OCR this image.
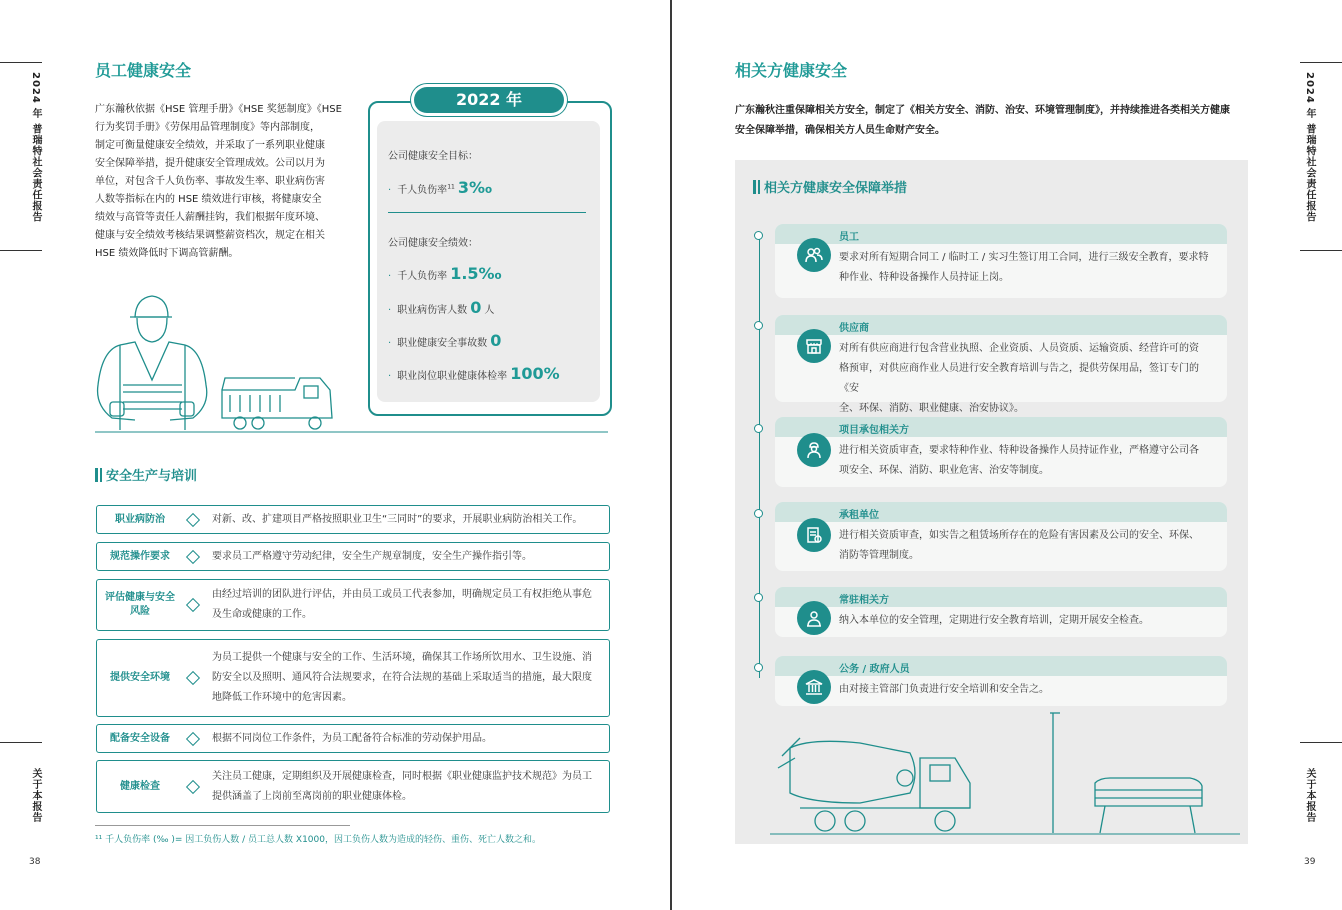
2024 年 普瑞特社会责任报告
关于本报告
38
2024 年 普瑞特社会责任报告
关于本报告
39
员工健康安全
广东瀚秋依据《HSE 管理手册》《HSE 奖惩制度》《HSE
行为奖罚手册》《劳保用品管理制度》等内部制度，
制定可衡量健康安全绩效，并采取了一系列职业健康
安全保障举措，提升健康安全管理成效。公司以月为
单位，对包含千人负伤率、事故发生率、职业病伤害
人数等指标在内的 HSE 绩效进行审核，将健康安全
绩效与高管等责任人薪酬挂钩，我们根据年度环境、
健康与安全绩效考核结果调整薪资档次，规定在相关
HSE 绩效降低时下调高管薪酬。
2022 年
公司健康安全目标：
· 千人负伤率$^{11}$ 3‰
公司健康安全绩效：
· 千人负伤率 1.5‰
· 职业病伤害人数 0 人
· 职业健康安全事故数 0
· 职业岗位职业健康体检率 100%
安全生产与培训
职业病防治	对新、改、扩建项目严格按照职业卫生“三同时”的要求，开展职业病防治相关工作。
规范操作要求	要求员工严格遵守劳动纪律，安全生产规章制度，安全生产操作指引等。
评估健康与安全风险
由经过培训的团队进行评估，并由员工或员工代表参加，明确规定员工有权拒绝从事危及生命或健康的工作。
提供安全环境
为员工提供一个健康与安全的工作、生活环境，确保其工作场所饮用水、卫生设施、消防安全以及照明、通风符合法规要求，在符合法规的基础上采取适当的措施，最大限度地降低工作环境中的危害因素。
配备安全设备	根据不同岗位工作条件，为员工配备符合标准的劳动保护用品。
健康检查
关注员工健康，定期组织及开展健康检查，同时根据《职业健康监护技术规范》为员工提供涵盖了上岗前至离岗前的职业健康体检。
¹¹ 千人负伤率 (‰ )= 因工负伤人数 / 员工总人数 X1000，因工负伤人数为造成的轻伤、重伤、死亡人数之和。
相关方健康安全
广东瀚秋注重保障相关方安全，制定了《相关方安全、消防、治安、环境管理制度》，并持续推进各类相关方健康
安全保障举措，确保相关方人员生命财产安全。
相关方健康安全保障举措
员工
要求对所有短期合同工 / 临时工 / 实习生签订用工合同，进行三级安全教育，要求特
种作业、特种设备操作人员持证上岗。
供应商
对所有供应商进行包含营业执照、企业资质、人员资质、运输资质、经营许可的资
格预审，对供应商作业人员进行安全教育培训与告之，提供劳保用品，签订专门的《安
全、环保、消防、职业健康、治安协议》。
项目承包相关方
进行相关资质审查，要求特种作业、特种设备操作人员持证作业，严格遵守公司各
项安全、环保、消防、职业危害、治安等制度。
承租单位
进行相关资质审查，如实告之租赁场所存在的危险有害因素及公司的安全、环保、
消防等管理制度。
常驻相关方
纳入本单位的安全管理，定期进行安全教育培训，定期开展安全检查。
公务 / 政府人员
由对接主管部门负责进行安全培训和安全告之。
